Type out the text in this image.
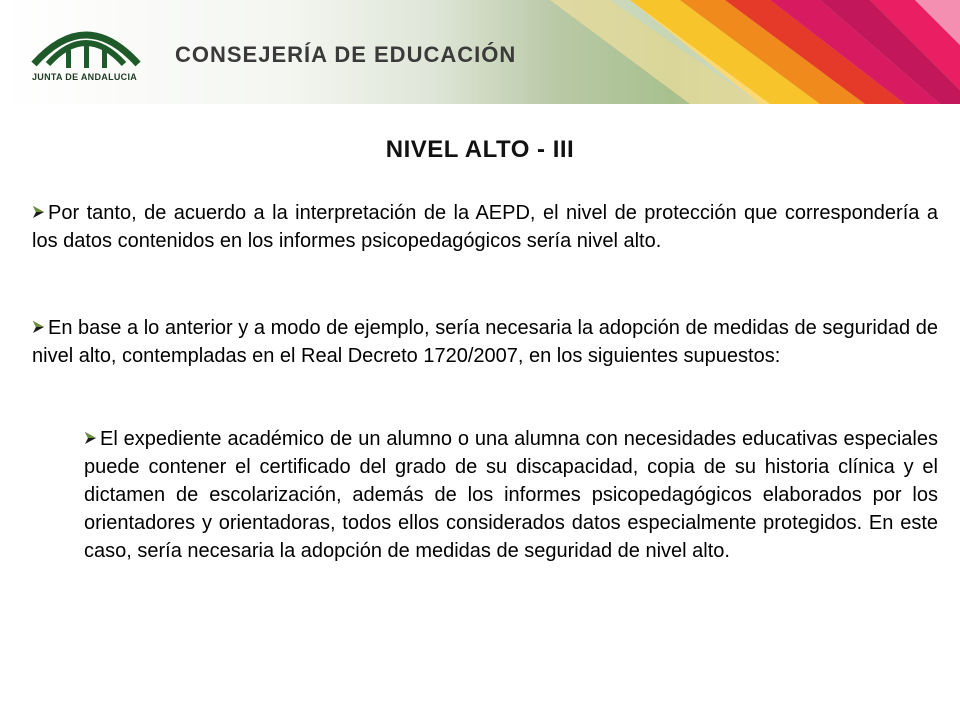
JUNTA DE ANDALUCIA
CONSEJERÍA DE EDUCACIÓN
NIVEL ALTO - III
Por tanto, de acuerdo a la interpretación de la AEPD, el nivel de protección que correspondería a los datos contenidos en los informes psicopedagógicos sería nivel alto.
En base a lo anterior y a modo de ejemplo, sería necesaria la adopción de medidas de seguridad de nivel alto, contempladas en el Real Decreto 1720/2007, en los siguientes supuestos:
El expediente académico de un alumno o una alumna con necesidades educativas especiales puede contener el certificado del grado de su discapacidad, copia de su historia clínica y el dictamen de escolarización, además de los informes psicopedagógicos elaborados por los orientadores y orientadoras, todos ellos considerados datos especialmente protegidos. En este caso, sería necesaria la adopción de medidas de seguridad de nivel alto.
